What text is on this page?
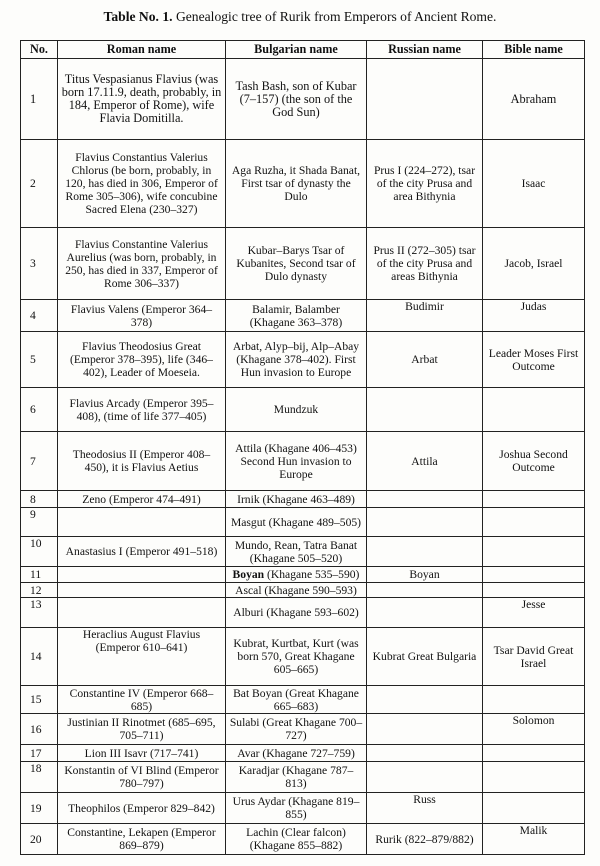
Table No. 1. Genealogic tree of Rurik from Emperors of Ancient Rome.
No.	Roman name	Bulgarian name	Russian name	Bible name
1	Titus Vespasianus Flavius (was born 17.11.9, death, probably, in 184, Emperor of Rome), wife Flavia Domitilla.	Tash Bash, son of Kubar (7–157) (the son of the God Sun)		Abraham
2	Flavius Constantius Valerius Chlorus (be born, probably, in 120, has died in 306, Emperor of Rome 305–306), wife concubine Sacred Elena (230–327)	Aga Ruzha, it Shada Banat, First tsar of dynasty the Dulo	Prus I (224–272), tsar of the city Prusa and area Bithynia	Isaac
3	Flavius Constantine Valerius Aurelius (was born, probably, in 250, has died in 337, Emperor of Rome 306–337)	Kubar–Barys Tsar of Kubanites, Second tsar of Dulo dynasty	Prus II (272–305) tsar of the city Prusa and areas Bithynia	Jacob, Israel
4	Flavius Valens (Emperor 364–378)	Balamir, Balamber (Khagane 363–378)	Budimir	Judas
5	Flavius Theodosius Great (Emperor 378–395), life (346–402), Leader of Moeseia.	Arbat, Alyp–bij, Alp–Abay (Khagane 378–402). First Hun invasion to Europe	Arbat	Leader Moses First Outcome
6	Flavius Arcady (Emperor 395–408), (time of life 377–405)	Mundzuk		
7	Theodosius II (Emperor 408–450), it is Flavius Aetius	Attila (Khagane 406–453) Second Hun invasion to Europe	Attila	Joshua Second Outcome
8	Zeno (Emperor 474–491)	Irnik (Khagane 463–489)		
9		Masgut (Khagane 489–505)		
10	Anastasius I (Emperor 491–518)	Mundo, Rean, Tatra Banat (Khagane 505–520)		
11		Boyan (Khagane 535–590)	Boyan	
12		Ascal (Khagane 590–593)		
13		Alburi (Khagane 593–602)		Jesse
14	Heraclius August Flavius (Emperor 610–641)	Kubrat, Kurtbat, Kurt (was born 570, Great Khagane 605–665)	Kubrat Great Bulgaria	Tsar David Great Israel
15	Constantine IV (Emperor 668–685)	Bat Boyan (Great Khagane 665–683)		
16	Justinian II Rinotmet (685–695, 705–711)	Sulabi (Great Khagane 700–727)		Solomon
17	Lion III Isavr (717–741)	Avar (Khagane 727–759)		
18	Konstantin of VI Blind (Emperor 780–797)	Karadjar (Khagane 787–813)		
19	Theophilos (Emperor 829–842)	Urus Aydar (Khagane 819–855)	Russ	
20	Constantine, Lekapen (Emperor 869–879)	Lachin (Clear falcon) (Khagane 855–882)	Rurik (822–879/882)	Malik
